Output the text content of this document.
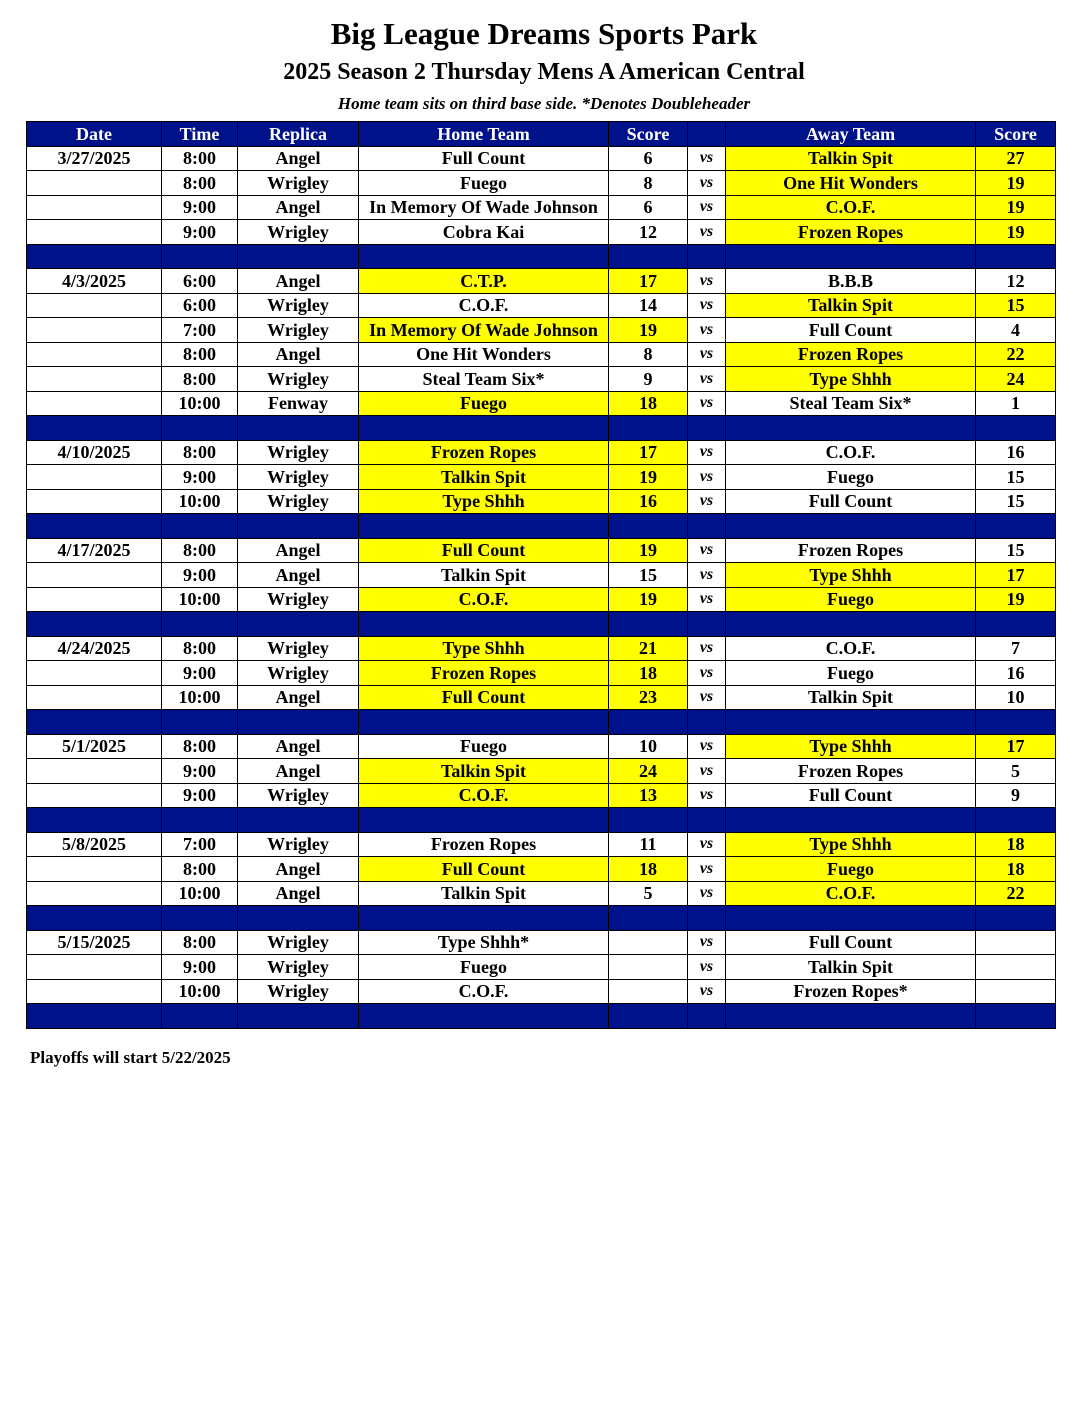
Big League Dreams Sports Park
2025 Season 2 Thursday Mens A American Central
Home team sits on third base side. *Denotes Doubleheader
Date	Time	Replica	Home Team	Score		Away Team	Score
3/27/2025	8:00	Angel	Full Count	6	vs	Talkin Spit	27
	8:00	Wrigley	Fuego	8	vs	One Hit Wonders	19
	9:00	Angel	In Memory Of Wade Johnson	6	vs	C.O.F.	19
	9:00	Wrigley	Cobra Kai	12	vs	Frozen Ropes	19

4/3/2025	6:00	Angel	C.T.P.	17	vs	B.B.B	12
	6:00	Wrigley	C.O.F.	14	vs	Talkin Spit	15
	7:00	Wrigley	In Memory Of Wade Johnson	19	vs	Full Count	4
	8:00	Angel	One Hit Wonders	8	vs	Frozen Ropes	22
	8:00	Wrigley	Steal Team Six*	9	vs	Type Shhh	24
	10:00	Fenway	Fuego	18	vs	Steal Team Six*	1

4/10/2025	8:00	Wrigley	Frozen Ropes	17	vs	C.O.F.	16
	9:00	Wrigley	Talkin Spit	19	vs	Fuego	15
	10:00	Wrigley	Type Shhh	16	vs	Full Count	15

4/17/2025	8:00	Angel	Full Count	19	vs	Frozen Ropes	15
	9:00	Angel	Talkin Spit	15	vs	Type Shhh	17
	10:00	Wrigley	C.O.F.	19	vs	Fuego	19

4/24/2025	8:00	Wrigley	Type Shhh	21	vs	C.O.F.	7
	9:00	Wrigley	Frozen Ropes	18	vs	Fuego	16
	10:00	Angel	Full Count	23	vs	Talkin Spit	10

5/1/2025	8:00	Angel	Fuego	10	vs	Type Shhh	17
	9:00	Angel	Talkin Spit	24	vs	Frozen Ropes	5
	9:00	Wrigley	C.O.F.	13	vs	Full Count	9

5/8/2025	7:00	Wrigley	Frozen Ropes	11	vs	Type Shhh	18
	8:00	Angel	Full Count	18	vs	Fuego	18
	10:00	Angel	Talkin Spit	5	vs	C.O.F.	22

5/15/2025	8:00	Wrigley	Type Shhh*		vs	Full Count	
	9:00	Wrigley	Fuego		vs	Talkin Spit	
	10:00	Wrigley	C.O.F.		vs	Frozen Ropes*	

Playoffs will start 5/22/2025
